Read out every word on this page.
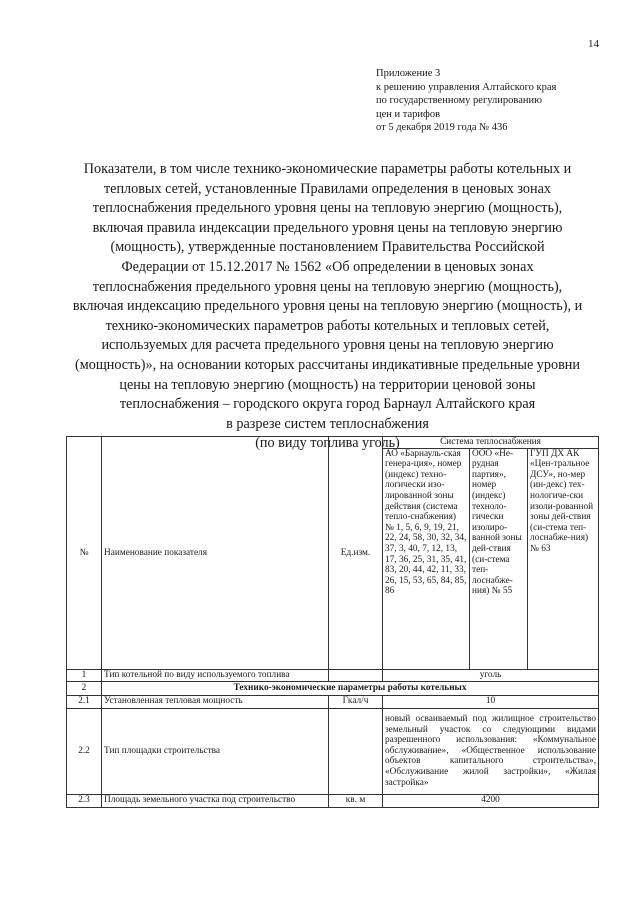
14
Приложение 3
к решению управления Алтайского края
по государственному регулированию
цен и тарифов
от 5 декабря 2019 года № 436
Показатели, в том числе технико-экономические параметры работы котельных и
тепловых сетей, установленные Правилами определения в ценовых зонах
теплоснабжения предельного уровня цены на тепловую энергию (мощность),
включая правила индексации предельного уровня цены на тепловую энергию
(мощность), утвержденные постановлением Правительства Российской
Федерации от 15.12.2017 № 1562 «Об определении в ценовых зонах
теплоснабжения предельного уровня цены на тепловую энергию (мощность),
включая индексацию предельного уровня цены на тепловую энергию (мощность), и
технико-экономических параметров работы котельных и тепловых сетей,
используемых для расчета предельного уровня цены на тепловую энергию
(мощность)», на основании которых рассчитаны индикативные предельные уровни
цены на тепловую энергию (мощность) на территории ценовой зоны
теплоснабжения – городского округа город Барнаул Алтайского края
в разрезе систем теплоснабжения
(по виду топлива уголь)
№	Наименование показателя	Ед.изм.	Система теплоснабжения		
			АО «Барнауль-ская генера-ция», номер (индекс) техно-логически изо-лированной зоны действия (система тепло-снабжения) № 1, 5, 6, 9, 19, 21, 22, 24, 58, 30, 32, 34, 37, 3, 40, 7, 12, 13, 17, 36, 25, 31, 35, 41, 83, 20, 44, 42, 11, 33, 26, 15, 53, 65, 84, 85, 86	ООО «Не-рудная партия», номер (индекс) техноло-гически изолиро-ванной зоны дей-ствия (си-стема теп-лоснабже-ния) № 55	ГУП ДХ АК «Цен-тральное ДСУ», но-мер (ин-декс) тех-нологиче-ски изоли-рованной зоны дей-ствия (си-стема теп-лоснабже-ния) № 63
1	Тип котельной по виду используемого топлива		уголь		
2	Технико-экономические параметры работы котельных				
2.1	Установленная тепловая мощность	Гкал/ч	10		
2.2	Тип площадки строительства		новый осваиваемый под жилищное строительство земельный участок со следующими видами разрешенного использования: «Коммунальное обслуживание», «Общественное использование объектов капитального строительства», «Обслуживание жилой застройки», «Жилая застройка»		
2.3	Площадь земельного участка под строительство	кв. м	4200		
